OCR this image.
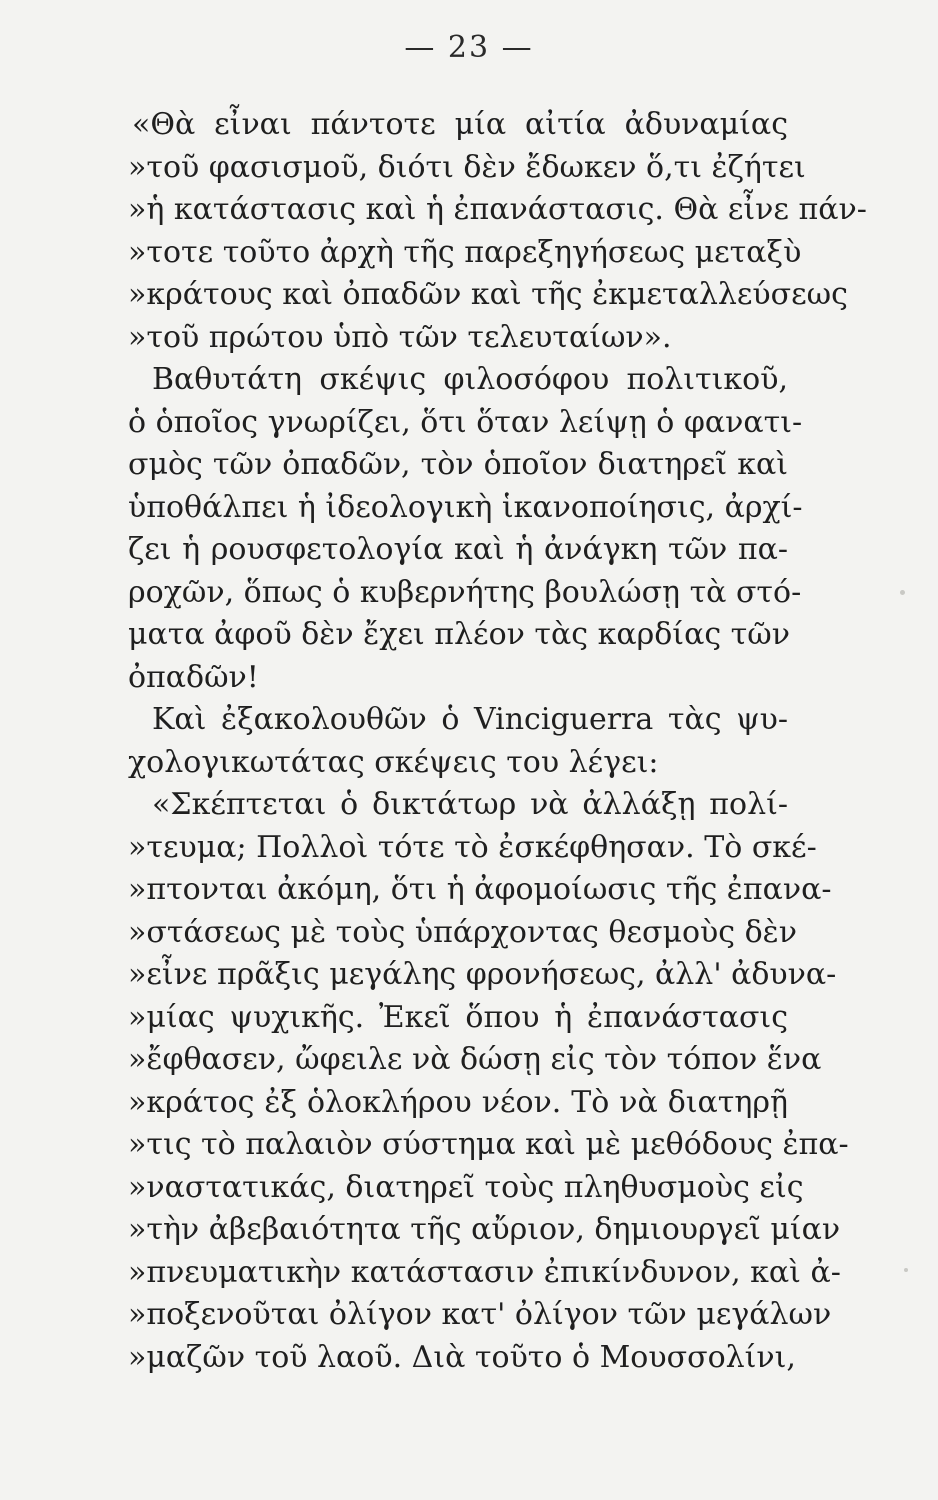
— 23 —
«Θὰ εἶναι πάντοτε μία αἰτία ἀδυναμίας
»τοῦ φασισμοῦ, διότι δὲν ἔδωκεν ὅ,τι ἐζήτει
»ἡ κατάστασις καὶ ἡ ἐπανάστασις. Θὰ εἶνε πάν-
»τοτε τοῦτο ἀρχὴ τῆς παρεξηγήσεως μεταξὺ
»κράτους καὶ ὀπαδῶν καὶ τῆς ἐκμεταλλεύσεως
»τοῦ πρώτου ὑπὸ τῶν τελευταίων».
Βαθυτάτη σκέψις φιλοσόφου πολιτικοῦ,
ὁ ὁποῖος γνωρίζει, ὅτι ὅταν λείψῃ ὁ φανατι-
σμὸς τῶν ὀπαδῶν, τὸν ὁποῖον διατηρεῖ καὶ
ὑποθάλπει ἡ ἰδεολογικὴ ἱκανοποίησις, ἀρχί-
ζει ἡ ρουσφετολογία καὶ ἡ ἀνάγκη τῶν πα-
ροχῶν, ὅπως ὁ κυβερνήτης βουλώσῃ τὰ στό-
ματα ἀφοῦ δὲν ἔχει πλέον τὰς καρδίας τῶν
ὀπαδῶν!
Καὶ ἐξακολουθῶν ὁ Vinciguerra τὰς ψυ-
χολογικωτάτας σκέψεις του λέγει:
«Σκέπτεται ὁ δικτάτωρ νὰ ἀλλάξῃ πολί-
»τευμα; Πολλοὶ τότε τὸ ἐσκέφθησαν. Τὸ σκέ-
»πτονται ἀκόμη, ὅτι ἡ ἀφομοίωσις τῆς ἐπανα-
»στάσεως μὲ τοὺς ὑπάρχοντας θεσμοὺς δὲν
»εἶνε πρᾶξις μεγάλης φρονήσεως, ἀλλ' ἀδυνα-
»μίας ψυχικῆς. Ἐκεῖ ὅπου ἡ ἐπανάστασις
»ἔφθασεν, ὤφειλε νὰ δώσῃ εἰς τὸν τόπον ἕνα
»κράτος ἐξ ὁλοκλήρου νέον. Τὸ νὰ διατηρῇ
»τις τὸ παλαιὸν σύστημα καὶ μὲ μεθόδους ἐπα-
»ναστατικάς, διατηρεῖ τοὺς πληθυσμοὺς εἰς
»τὴν ἀβεβαιότητα τῆς αὔριον, δημιουργεῖ μίαν
»πνευματικὴν κατάστασιν ἐπικίνδυνον, καὶ ἀ-
»ποξενοῦται ὀλίγον κατ' ὀλίγον τῶν μεγάλων
»μαζῶν τοῦ λαοῦ. Διὰ τοῦτο ὁ Μουσσολίνι,
